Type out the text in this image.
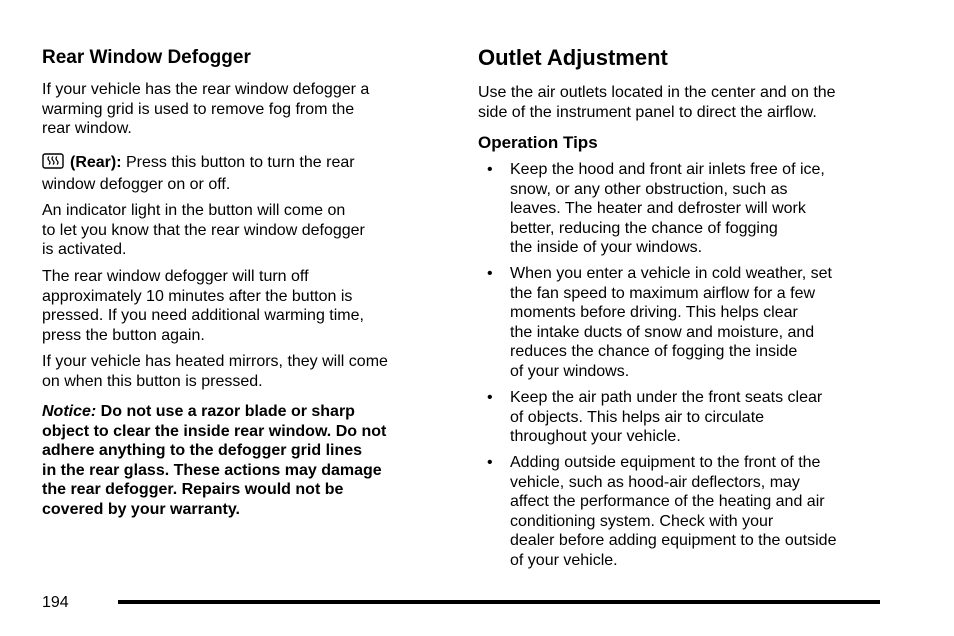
Rear Window Defogger

If your vehicle has the rear window defogger a
warming grid is used to remove fog from the
rear window.

(Rear): Press this button to turn the rear
window defogger on or off.

An indicator light in the button will come on
to let you know that the rear window defogger
is activated.

The rear window defogger will turn off
approximately 10 minutes after the button is
pressed. If you need additional warming time,
press the button again.

If your vehicle has heated mirrors, they will come
on when this button is pressed.

Notice: Do not use a razor blade or sharp
object to clear the inside rear window. Do not
adhere anything to the defogger grid lines
in the rear glass. These actions may damage
the rear defogger. Repairs would not be
covered by your warranty.

Outlet Adjustment

Use the air outlets located in the center and on the
side of the instrument panel to direct the airflow.

Operation Tips
• Keep the hood and front air inlets free of ice,
snow, or any other obstruction, such as
leaves. The heater and defroster will work
better, reducing the chance of fogging
the inside of your windows.

• When you enter a vehicle in cold weather, set
the fan speed to maximum airflow for a few
moments before driving. This helps clear
the intake ducts of snow and moisture, and
reduces the chance of fogging the inside
of your windows.

• Keep the air path under the front seats clear
of objects. This helps air to circulate
throughout your vehicle.

• Adding outside equipment to the front of the
vehicle, such as hood-air deflectors, may
affect the performance of the heating and air
conditioning system. Check with your
dealer before adding equipment to the outside
of your vehicle.

194
